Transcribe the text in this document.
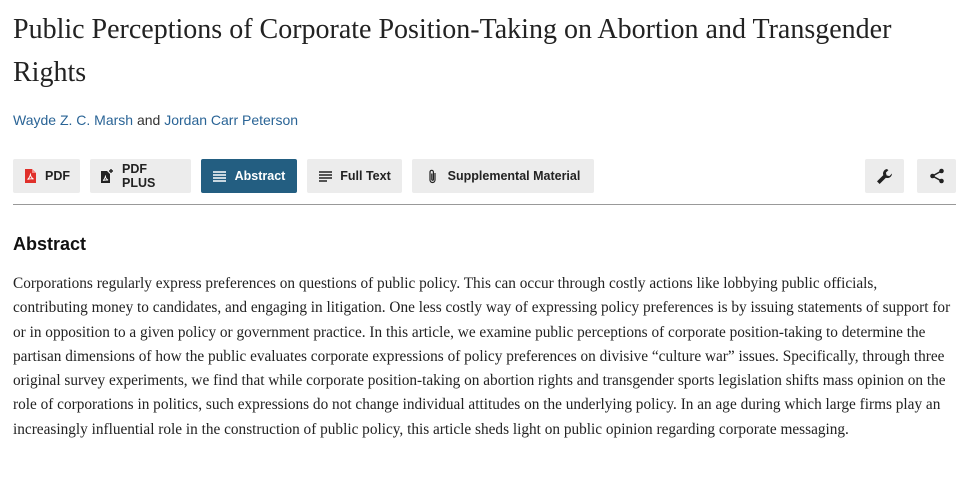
Public Perceptions of Corporate Position-Taking on Abortion and Transgender Rights
Wayde Z. C. Marsh and Jordan Carr Peterson
PDF	PDF PLUS	Abstract	Full Text	Supplemental Material
Abstract

Corporations regularly express preferences on questions of public policy. This can occur through costly actions like lobbying public officials, contributing money to candidates, and engaging in litigation. One less costly way of expressing policy preferences is by issuing statements of support for or in opposition to a given policy or government practice. In this article, we examine public perceptions of corporate position-taking to determine the partisan dimensions of how the public evaluates corporate expressions of policy preferences on divisive “culture war” issues. Specifically, through three original survey experiments, we find that while corporate position-taking on abortion rights and transgender sports legislation shifts mass opinion on the role of corporations in politics, such expressions do not change individual attitudes on the underlying policy. In an age during which large firms play an increasingly influential role in the construction of public policy, this article sheds light on public opinion regarding corporate messaging.
